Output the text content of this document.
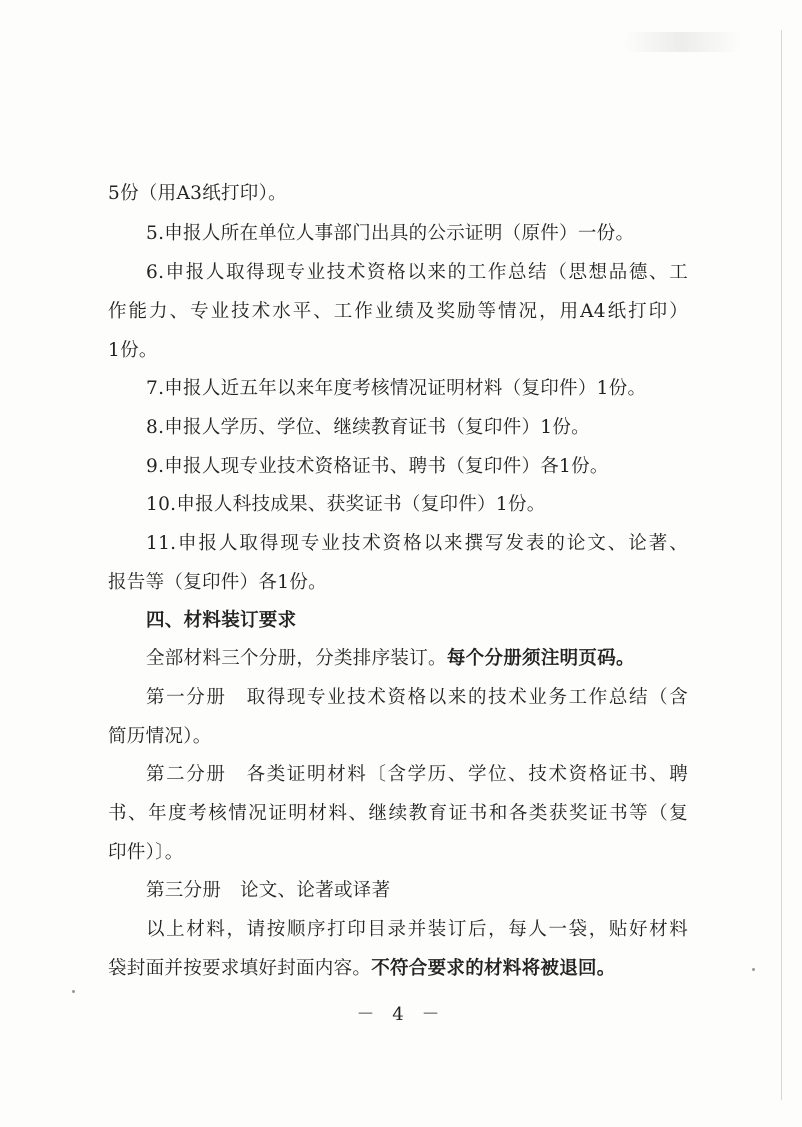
5份（用A3纸打印）。
5.申报人所在单位人事部门出具的公示证明（原件）一份。
6.申报人取得现专业技术资格以来的工作总结（思想品德、工
作能力、专业技术水平、工作业绩及奖励等情况，用A4纸打印）
1份。
7.申报人近五年以来年度考核情况证明材料（复印件）1份。
8.申报人学历、学位、继续教育证书（复印件）1份。
9.申报人现专业技术资格证书、聘书（复印件）各1份。
10.申报人科技成果、获奖证书（复印件）1份。
11.申报人取得现专业技术资格以来撰写发表的论文、论著、
报告等（复印件）各1份。
四、材料装订要求
全部材料三个分册，分类排序装订。每个分册须注明页码。
第一分册　取得现专业技术资格以来的技术业务工作总结（含
简历情况）。
第二分册　各类证明材料〔含学历、学位、技术资格证书、聘
书、年度考核情况证明材料、继续教育证书和各类获奖证书等（复
印件）〕。
第三分册　论文、论著或译著
以上材料，请按顺序打印目录并装订后，每人一袋，贴好材料
袋封面并按要求填好封面内容。不符合要求的材料将被退回。
－ 4 －
